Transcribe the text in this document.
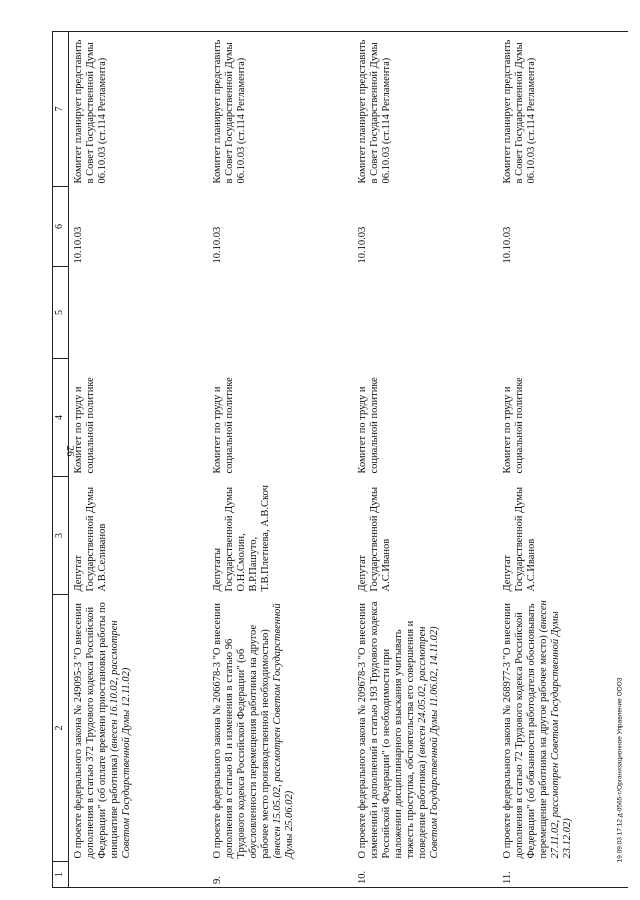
26
19.09.03 17:12 д-0565-т/Организационное Управление ООО3
1	2	3	4	5	6	7
	О проекте федерального закона № 249095-3 "О внесении дополнения в статью 372 Трудового кодекса Российской Федерации" (об оплате времени приостановки работы по инициативе работника) (внесен 16.10.02, рассмотрен Советом Государственной Думы 12.11.02)	Депутат Государственной Думы А.В.Селиванов	Комитет по труду и социальной политике		10.10.03	Комитет планирует представить в Совет Государственной Думы 06.10.03 (ст.114 Регламента)
9.	О проекте федерального закона № 206678-3 "О внесении дополнения в статью 81 и изменения в статью 96 Трудового кодекса Российской Федерации" (об обусловленности перемещения работника на другое рабочее место производственной необходимостью) (внесен 15.05.02, рассмотрен Советом Государственной Думы 25.06.02)	Депутаты Государственной Думы О.Н.Смолин, В.Р.Пашуто, Т.В.Плетнева, А.В.Скоч	Комитет по труду и социальной политике		10.10.03	Комитет планирует представить в Совет Государственной Думы 06.10.03 (ст.114 Регламента)
10.	О проекте федерального закона № 209678-3 "О внесении изменений и дополнений в статью 193 Трудового кодекса Российской Федерации" (о необходимости при наложении дисциплинарного взыскания учитывать тяжесть проступка, обстоятельства его совершения и поведение работника) (внесен 24.05.02, рассмотрен Советом Государственной Думы 11.06.02, 14.11.02)	Депутат Государственной Думы А.С.Иванов	Комитет по труду и социальной политике		10.10.03	Комитет планирует представить в Совет Государственной Думы 06.10.03 (ст.114 Регламента)
11.	О проекте федерального закона № 268977-3 "О внесении дополнения в статью 72 Трудового кодекса Российской Федерации" (об обязанности работодателя обосновывать перемещение работника на другое рабочее место) (внесен 27.11.02, рассмотрен Советом Государственной Думы 23.12.02)	Депутат Государственной Думы А.С.Иванов	Комитет по труду и социальной политике		10.10.03	Комитет планирует представить в Совет Государственной Думы 06.10.03 (ст.114 Регламента)
